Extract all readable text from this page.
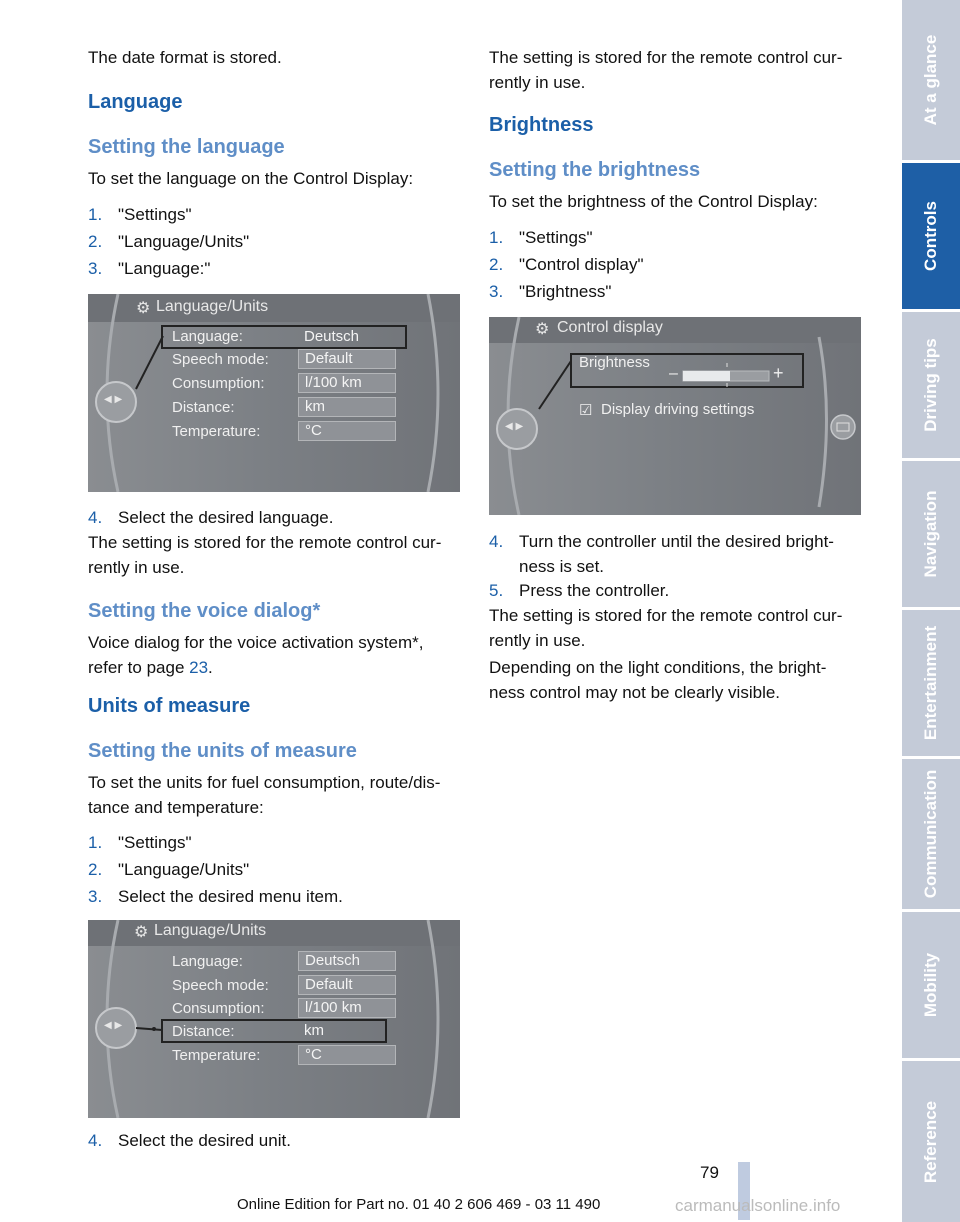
The date format is stored.

Language
Setting the language

To set the language on the Control Display:

1. "Settings"
2. "Language/Units"
3. "Language:"
⚙ Language/Units
Language:	Deutsch
Speech mode:	Default
Consumption:	l/100 km
Distance:	km
Temperature:	°C
◀ ▶
4. Select the desired language.

The setting is stored for the remote control cur-rently in use.

Setting the voice dialog*

Voice dialog for the voice activation system*,
refer to page 23.

Units of measure
Setting the units of measure

To set the units for fuel consumption, route/dis-tance and temperature:

1. "Settings"
2. "Language/Units"
3. Select the desired menu item.
⚙ Language/Units
Language:	Deutsch
Speech mode:	Default
Consumption:	l/100 km
Distance:	km
Temperature:	°C
◀ ▶
4. Select the desired unit.

The setting is stored for the remote control cur-rently in use.

Brightness
Setting the brightness

To set the brightness of the Control Display:

1. "Settings"
2. "Control display"
3. "Brightness"
⚙ Control display
Brightness
–	+
☑ Display driving settings
◀ ▶
4. Turn the controller until the desired bright-ness is set.
5. Press the controller.

The setting is stored for the remote control cur-rently in use.

Depending on the light conditions, the bright-ness control may not be clearly visible.

At a glance
Controls
Driving tips
Navigation
Entertainment
Communication
Mobility
Reference
79
Online Edition for Part no. 01 40 2 606 469 - 03 11 490	carmanualsonline.info
